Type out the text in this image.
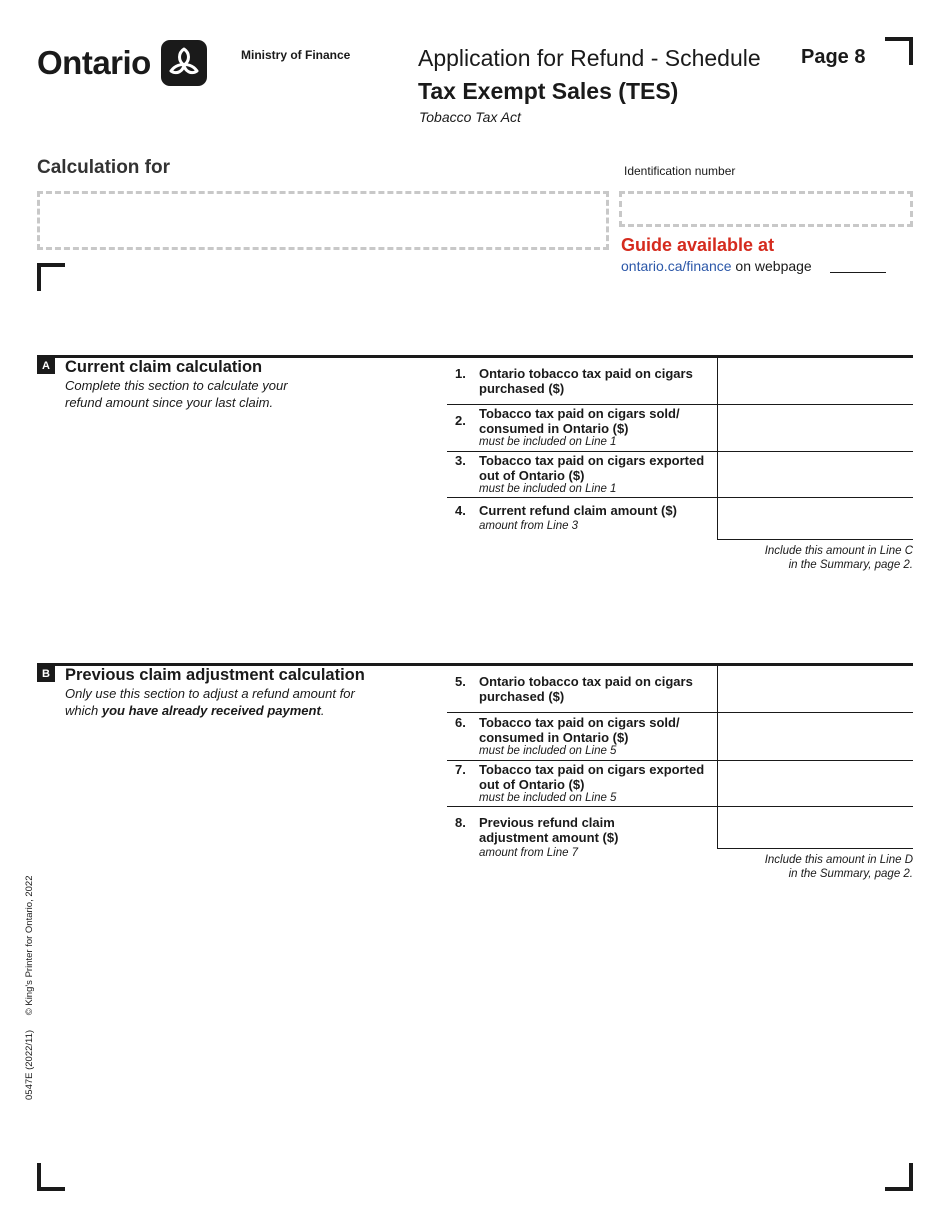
Ontario	Ministry of Finance	Application for Refund - Schedule Page 8
Tax Exempt Sales (TES)
Tobacco Tax Act
Calculation for	Identification number
Guide available at
ontario.ca/finance on webpage
A Current claim calculation
Complete this section to calculate your refund amount since your last claim.
1. Ontario tobacco tax paid on cigars purchased ($)
2. Tobacco tax paid on cigars sold/ consumed in Ontario ($)
must be included on Line 1
3. Tobacco tax paid on cigars exported out of Ontario ($)
must be included on Line 1
4. Current refund claim amount ($)
amount from Line 3
Include this amount in Line C
in the Summary, page 2.
B Previous claim adjustment calculation
Only use this section to adjust a refund amount for which you have already received payment.
5. Ontario tobacco tax paid on cigars purchased ($)
6. Tobacco tax paid on cigars sold/ consumed in Ontario ($)
must be included on Line 5
7. Tobacco tax paid on cigars exported out of Ontario ($)
must be included on Line 5
8. Previous refund claim adjustment amount ($)
amount from Line 7
Include this amount in Line D
in the Summary, page 2.
0547E (2022/11) © King's Printer for Ontario, 2022
